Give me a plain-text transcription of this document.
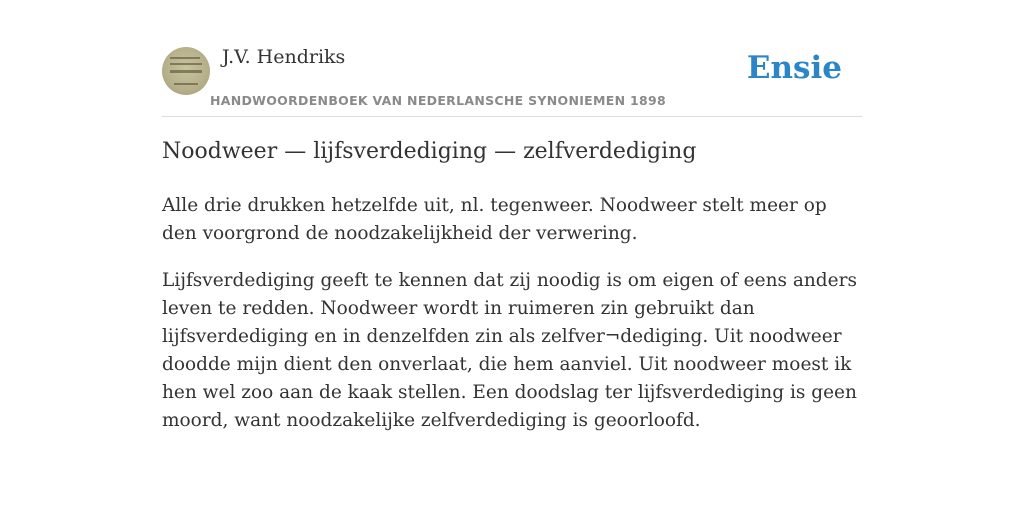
J.V. Hendriks
HANDWOORDENBOEK VAN NEDERLANSCHE SYNONIEMEN 1898
Ensie
Noodweer — lijfsverdediging — zelfverdediging

Alle drie drukken hetzelfde uit, nl. tegenweer. Noodweer stelt meer op den voorgrond de noodzakelijkheid der verwering.

Lijfsverdediging geeft te kennen dat zij noodig is om eigen of eens anders leven te redden. Noodweer wordt in ruimeren zin gebruikt dan lijfsverdediging en in denzelfden zin als zelfver¬dediging. Uit noodweer doodde mijn dient den onverlaat, die hem aanviel. Uit noodweer moest ik hen wel zoo aan de kaak stellen. Een doodslag ter lijfsverdediging is geen moord, want noodzakelijke zelfverdediging is geoorloofd.
